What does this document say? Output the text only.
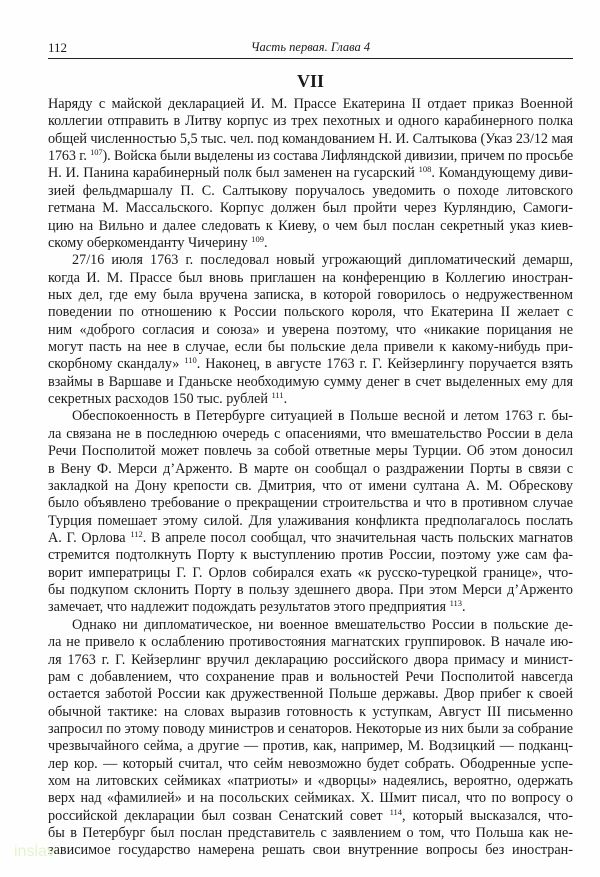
112	Часть первая. Глава 4
VII
Наряду с майской декларацией И. М. Прассе Екатерина II отдает приказ Военной
коллегии отправить в Литву корпус из трех пехотных и одного карабинерного полка
общей численностью 5,5 тыс. чел. под командованием Н. И. Салтыкова (Указ 23/12 мая
1763 г. $^{107}$). Войска были выделены из состава Лифляндской дивизии, причем по просьбе
Н. И. Панина карабинерный полк был заменен на гусарский $^{108}$. Командующему диви-
зией фельдмаршалу П. С. Салтыкову поручалось уведомить о походе литовского
гетмана М. Массальского. Корпус должен был пройти через Курляндию, Самоги-
цию на Вильно и далее следовать к Киеву, о чем был послан секретный указ киев-
скому оберкоменданту Чичерину $^{109}$.
27/16 июля 1763 г. последовал новый угрожающий дипломатический демарш,
когда И. М. Прассе был вновь приглашен на конференцию в Коллегию иностран-
ных дел, где ему была вручена записка, в которой говорилось о недружественном
поведении по отношению к России польского короля, что Екатерина II желает с
ним «доброго согласия и союза» и уверена поэтому, что «никакие порицания не
могут пасть на нее в случае, если бы польские дела привели к какому-нибудь при-
скорбному скандалу» $^{110}$. Наконец, в августе 1763 г. Г. Кейзерлингу поручается взять
взаймы в Варшаве и Гданьске необходимую сумму денег в счет выделенных ему для
секретных расходов 150 тыс. рублей $^{111}$.
Обеспокоенность в Петербурге ситуацией в Польше весной и летом 1763 г. бы-
ла связана не в последнюю очередь с опасениями, что вмешательство России в дела
Речи Посполитой может повлечь за собой ответные меры Турции. Об этом доносил
в Вену Ф. Мерси д’Арженто. В марте он сообщал о раздражении Порты в связи с
закладкой на Дону крепости св. Дмитрия, что от имени султана А. М. Обрескову
было объявлено требование о прекращении строительства и что в противном случае
Турция помешает этому силой. Для улаживания конфликта предполагалось послать
А. Г. Орлова $^{112}$. В апреле посол сообщал, что значительная часть польских магнатов
стремится подтолкнуть Порту к выступлению против России, поэтому уже сам фа-
ворит императрицы Г. Г. Орлов собирался ехать «к русско-турецкой границе», что-
бы подкупом склонить Порту в пользу здешнего двора. При этом Мерси д’Арженто
замечает, что надлежит подождать результатов этого предприятия $^{113}$.
Однако ни дипломатическое, ни военное вмешательство России в польские де-
ла не привело к ослаблению противостояния магнатских группировок. В начале ию-
ля 1763 г. Г. Кейзерлинг вручил декларацию российского двора примасу и минист-
рам с добавлением, что сохранение прав и вольностей Речи Посполитой навсегда
остается заботой России как дружественной Польше державы. Двор прибег к своей
обычной тактике: на словах выразив готовность к уступкам, Август III письменно
запросил по этому поводу министров и сенаторов. Некоторые из них были за собрание
чрезвычайного сейма, а другие — против, как, например, М. Водзицкий — подканц-
лер кор. — который считал, что сейм невозможно будет собрать. Ободренные успе-
хом на литовских сеймиках «патриоты» и «дворцы» надеялись, вероятно, одержать
верх над «фамилией» и на посольских сеймиках. Х. Шмит писал, что по вопросу о
российской декларации был созван Сенатский совет $^{114}$, который высказался, что-
бы в Петербург был послан представитель с заявлением о том, что Польша как не-
зависимое государство намерена решать свои внутренние вопросы без иностран-
inslav
